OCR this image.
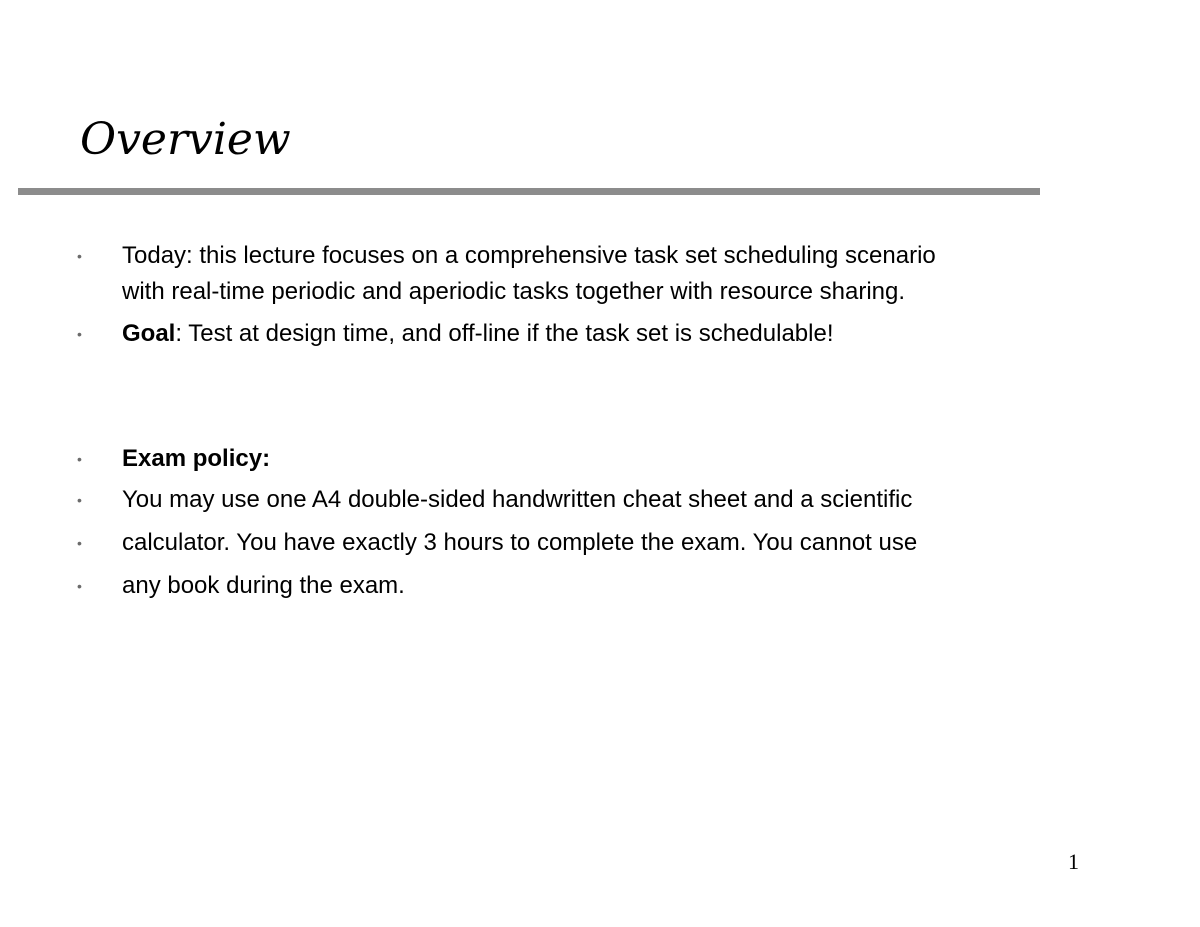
Overview
• Today: this lecture focuses on a comprehensive task set scheduling scenario
with real-time periodic and aperiodic tasks together with resource sharing.
• Goal: Test at design time, and off-line if the task set is schedulable!
• Exam policy:
• You may use one A4 double-sided handwritten cheat sheet and a scientific
• calculator. You have exactly 3 hours to complete the exam. You cannot use
• any book during the exam.
1
